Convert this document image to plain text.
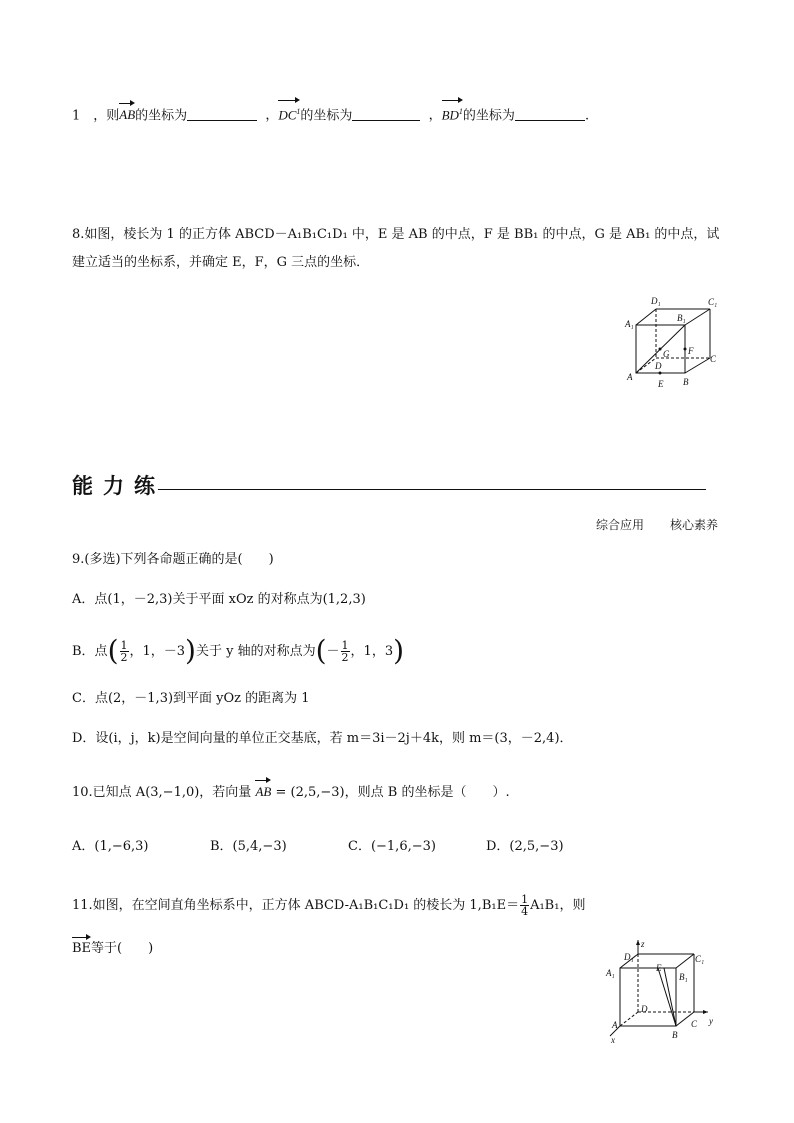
1　，则AB的坐标为	，$DC^1$的坐标为	，$BD^1$的坐标为	.
8.如图，棱长为 1 的正方体 ABCD－A₁B₁C₁D₁ 中，E 是 AB 的中点，F 是 BB₁ 的中点，G 是 AB₁ 的中点，试
建立适当的坐标系，并确定 E，F，G 三点的坐标．
D₁	C₁
A₁
B₁
G F
D
C
A
E B
能力练
综合应用 核心素养
9.(多选)下列各命题正确的是(　　)
A．点(1，－2,3)关于平面 xOz 的对称点为(1,2,3)
B．点( $\frac{1}{2}$ ，1，－3)关于 y 轴的对称点为(－ $\frac{1}{2}$ ，1，3)
C．点(2，－1,3)到平面 yOz 的距离为 1
D．设(i，j，k)是空间向量的单位正交基底，若 m＝3i－2j＋4k，则 m＝(3，－2,4)．
10.已知点 A(3,−1,0)，若向量 AB = (2,5,−3)，则点 B 的坐标是（　　）.
A．(1,−6,3)	B．(5,4,−3)	C．(−1,6,−3)	D．(2,5,−3)
11.如图，在空间直角坐标系中，正方体 ABCD-A₁B₁C₁D₁ 的棱长为 $1,B_1E= \frac{1}{4} A_1B_1$，则
BE等于(　　)	z
D₁	C₁
A₁	E
B₁
D
A	C y
x	B
